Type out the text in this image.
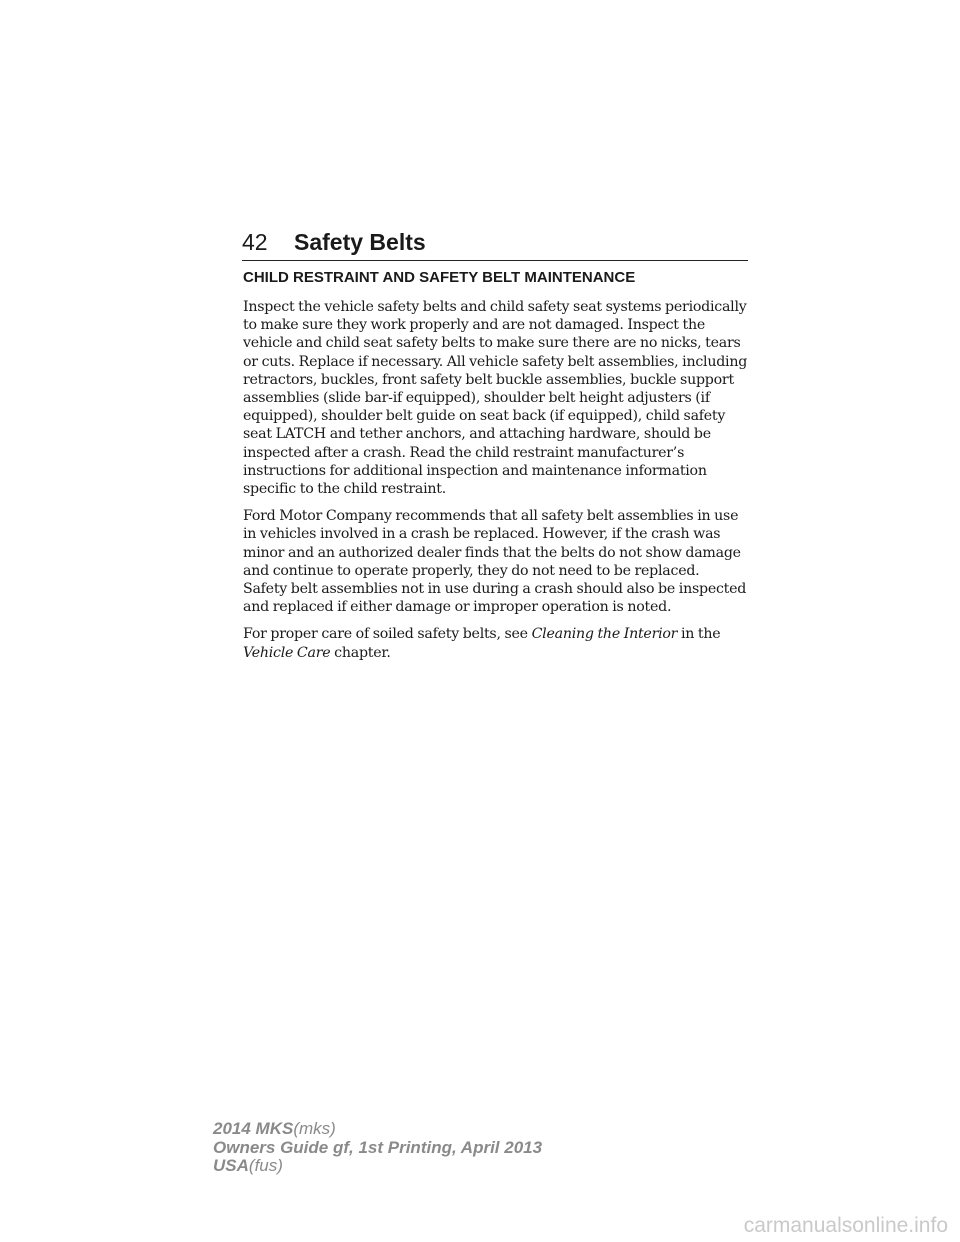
42 Safety Belts
CHILD RESTRAINT AND SAFETY BELT MAINTENANCE
Inspect the vehicle safety belts and child safety seat systems periodically
to make sure they work properly and are not damaged. Inspect the
vehicle and child seat safety belts to make sure there are no nicks, tears
or cuts. Replace if necessary. All vehicle safety belt assemblies, including
retractors, buckles, front safety belt buckle assemblies, buckle support
assemblies (slide bar-if equipped), shoulder belt height adjusters (if
equipped), shoulder belt guide on seat back (if equipped), child safety
seat LATCH and tether anchors, and attaching hardware, should be
inspected after a crash. Read the child restraint manufacturer’s
instructions for additional inspection and maintenance information
specific to the child restraint.
Ford Motor Company recommends that all safety belt assemblies in use
in vehicles involved in a crash be replaced. However, if the crash was
minor and an authorized dealer finds that the belts do not show damage
and continue to operate properly, they do not need to be replaced.
Safety belt assemblies not in use during a crash should also be inspected
and replaced if either damage or improper operation is noted.
For proper care of soiled safety belts, see Cleaning the Interior in the
Vehicle Care chapter.
2014 MKS(mks)
Owners Guide gf, 1st Printing, April 2013
USA(fus)
carmanualsonline.info
